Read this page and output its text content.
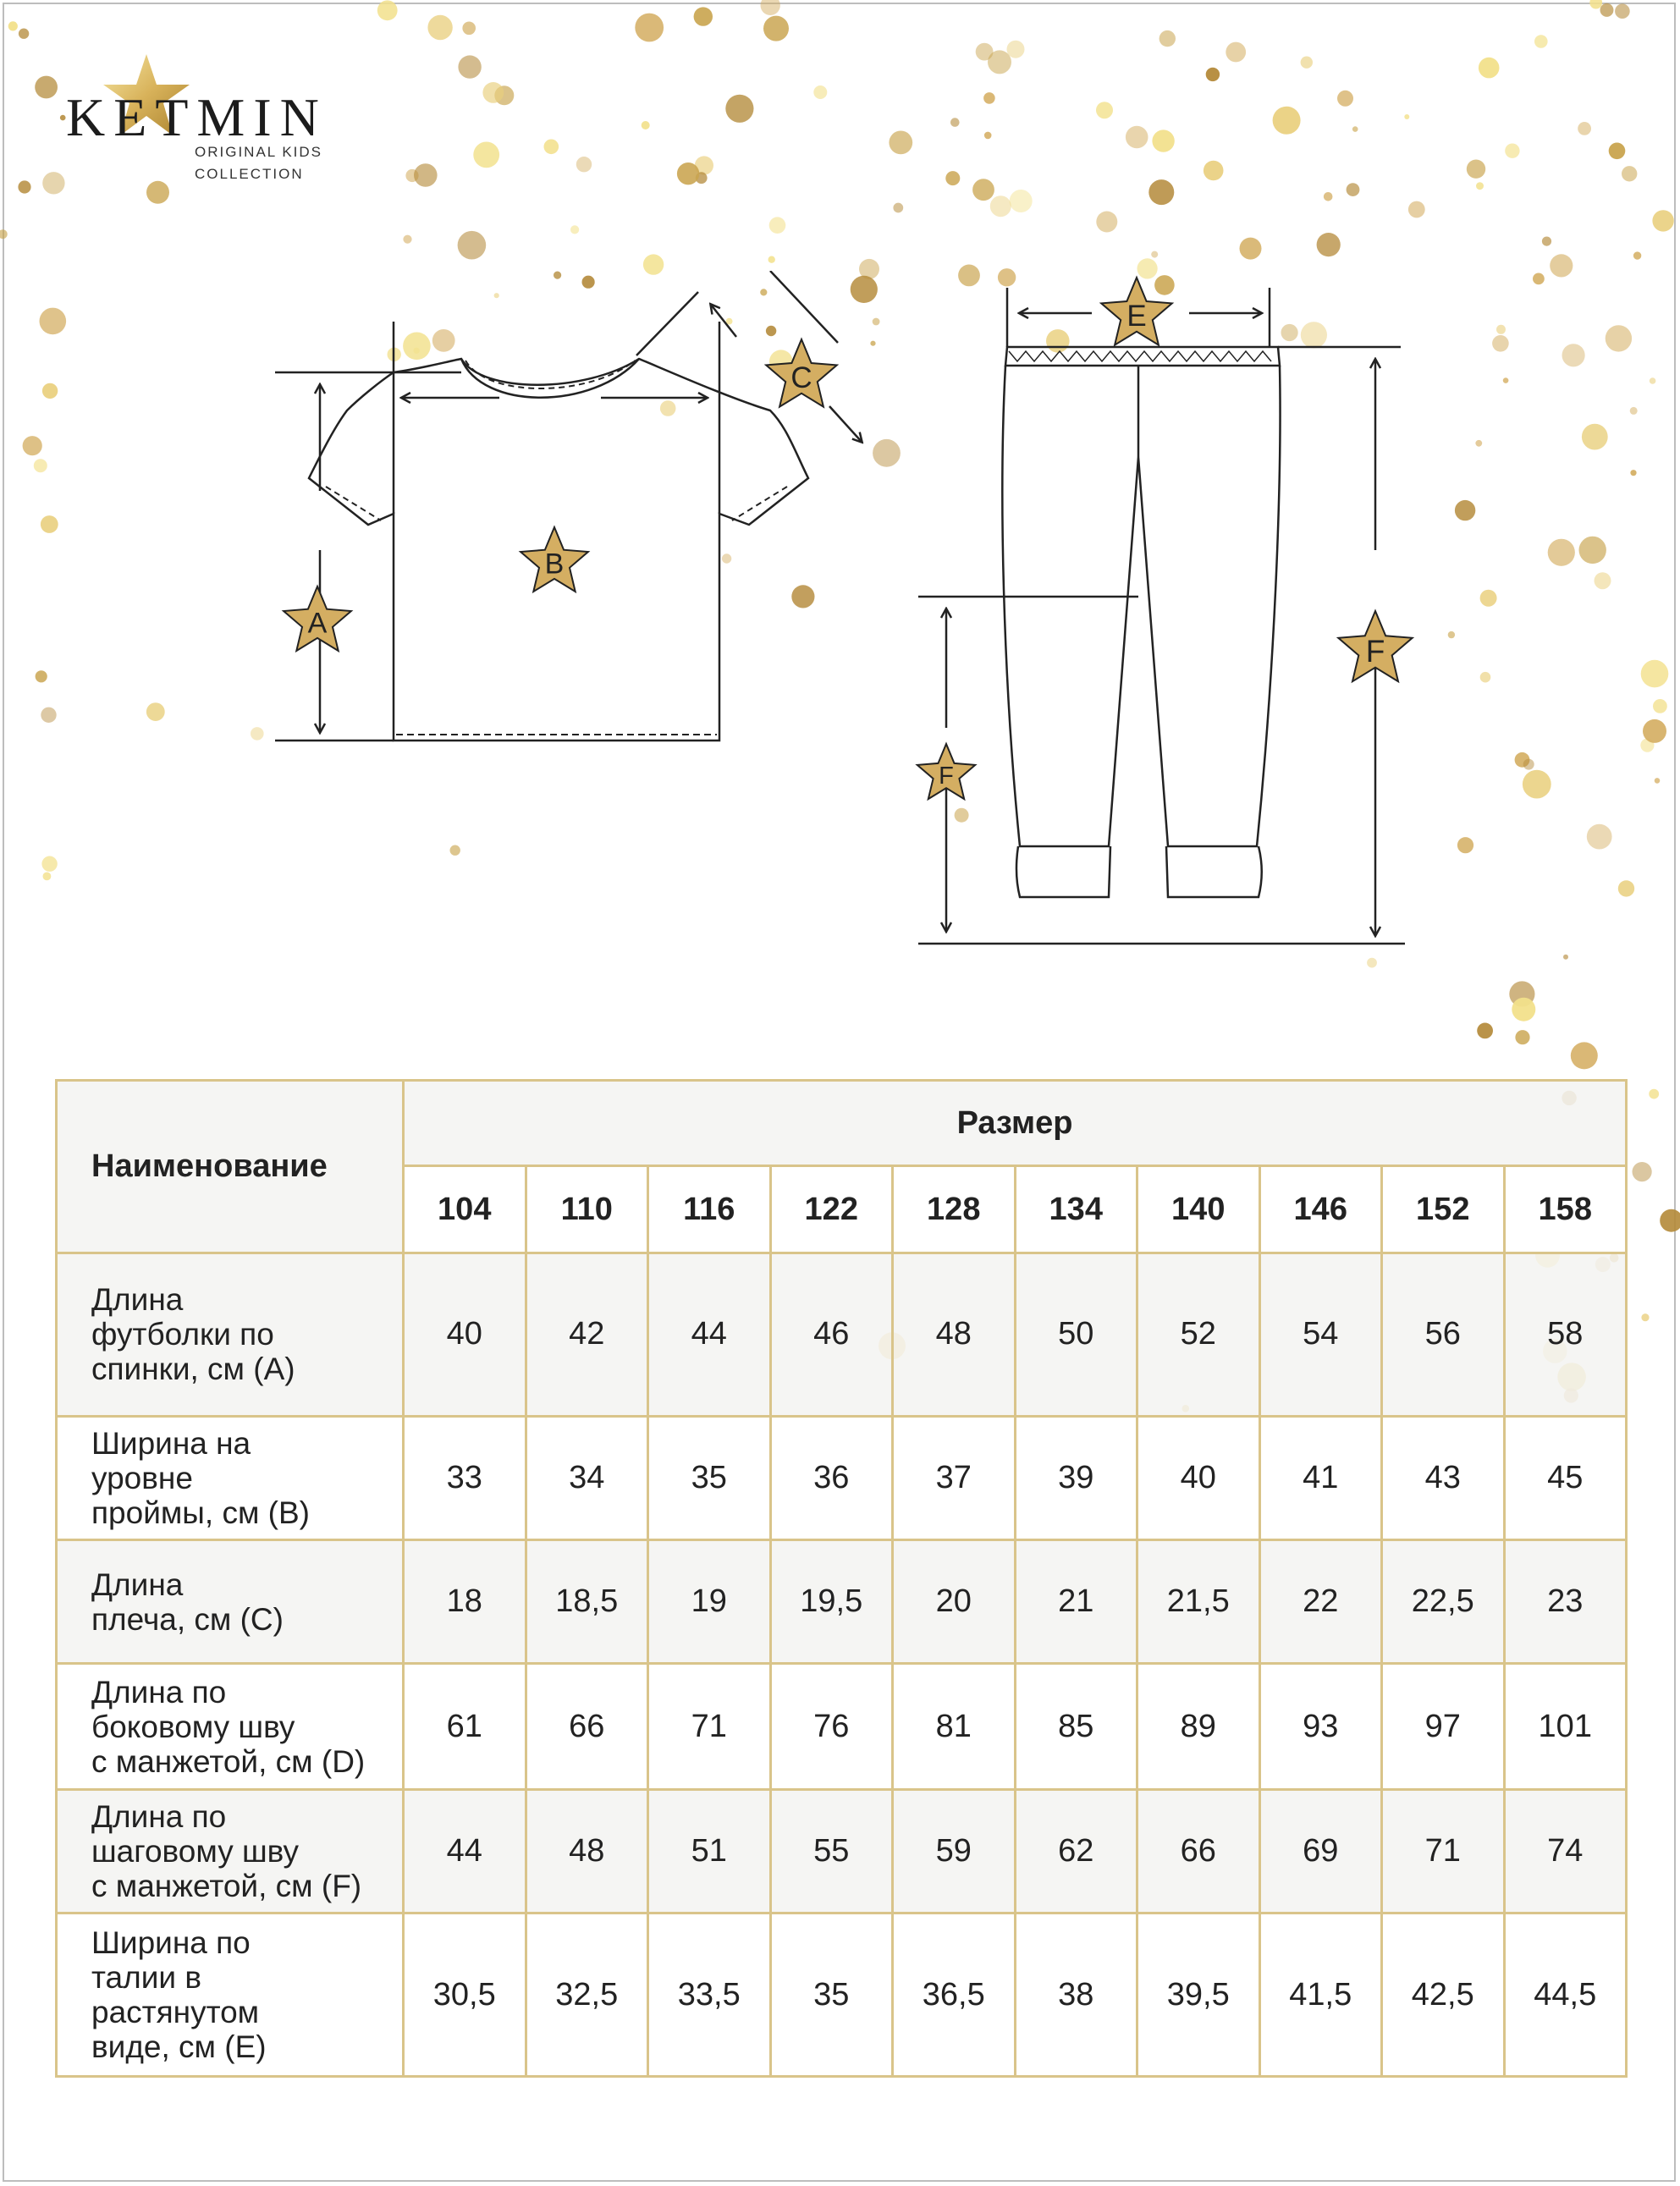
KETMIN
ORIGINAL KIDS
COLLECTION
A
B
C
E
F
F
Наименование	Размер									
	104	110	116	122	128	134	140	146	152	158

Длина
футболки по
спинки, см (A)	40	42	44	46	48	50	52	54	56	58

Ширина на
уровне
проймы, см (B)	33	34	35	36	37	39	40	41	43	45

Длина
плеча, см (C)	18	18,5	19	19,5	20	21	21,5	22	22,5	23

Длина по
боковому шву
с манжетой, см (D)	61	66	71	76	81	85	89	93	97	101

Длина по
шаговому шву
с манжетой, см (F)	44	48	51	55	59	62	66	69	71	74

Ширина по
талии в
растянутом
виде, см (E)	30,5	32,5	33,5	35	36,5	38	39,5	41,5	42,5	44,5
